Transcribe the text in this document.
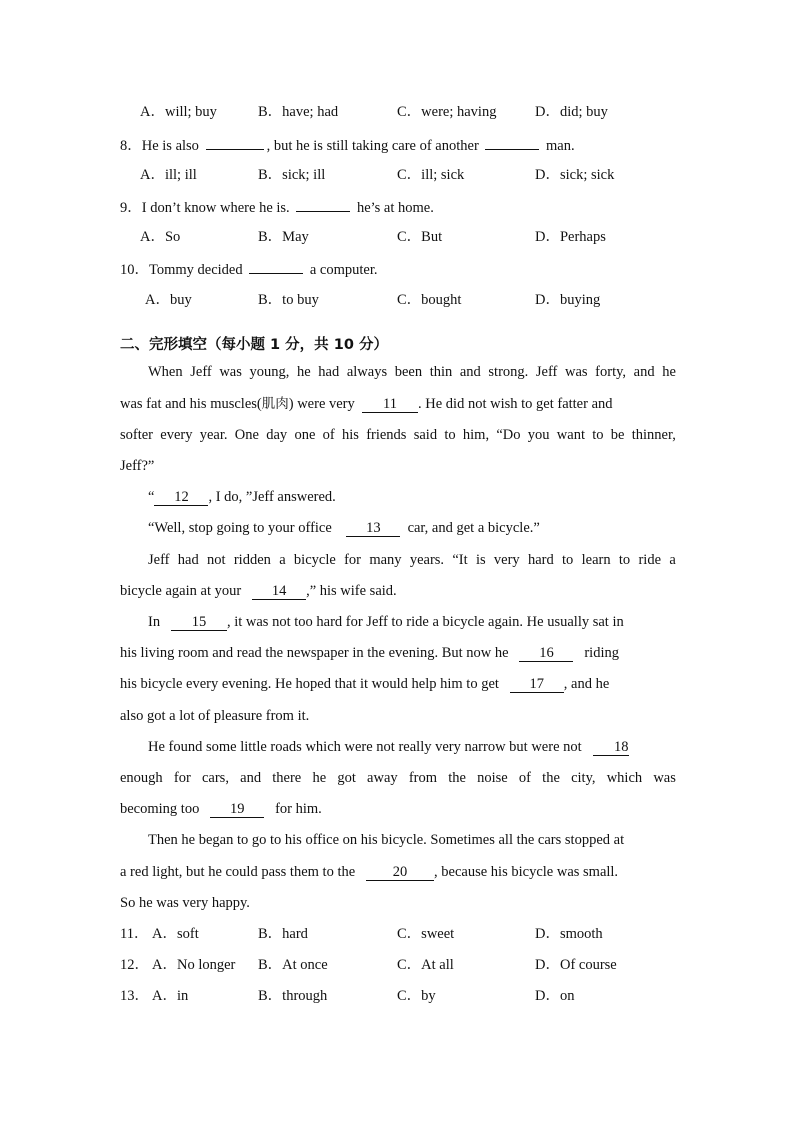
A．will; buy	B．have; had	C．were; having	D．did; buy
8．He is also	, but he is still taking care of another	man.
A．ill; ill	B．sick; ill	C．ill; sick	D．sick; sick
9．I don’t know where he is.	he’s at home.
A．So	B．May	C．But	D．Perhaps
10．Tommy decided	a computer.
A．buy	B．to buy	C．bought	D．buying
二、完形填空（每小题 1 分，共 10 分）
When Jeff was young, he had always been thin and strong. Jeff was forty, and he
was fat and his muscles(肌肉) were very 11 . He did not wish to get fatter and
softer every year. One day one of his friends said to him, “Do you want to be thinner,
Jeff?”
“ 12 , I do, ”Jeff answered.
“Well, stop going to your office 13 car, and get a bicycle.”
Jeff had not ridden a bicycle for many years. “It is very hard to learn to ride a
bicycle again at your 14 ,” his wife said.
In 15 , it was not too hard for Jeff to ride a bicycle again. He usually sat in
his living room and read the newspaper in the evening. But now he 16 riding
his bicycle every evening. He hoped that it would help him to get 17 , and he
also got a lot of pleasure from it.
He found some little roads which were not really very narrow but were not 18
enough for cars, and there he got away from the noise of the city, which was
becoming too 19 for him.
Then he began to go to his office on his bicycle. Sometimes all the cars stopped at
a red light, but he could pass them to the	20 , because his bicycle was small.
So he was very happy.
11． A．soft	B．hard	C．sweet	D．smooth
12． A．No longer B．At once	C．At all	D．Of course
13． A．in	B．through	C．by	D．on
